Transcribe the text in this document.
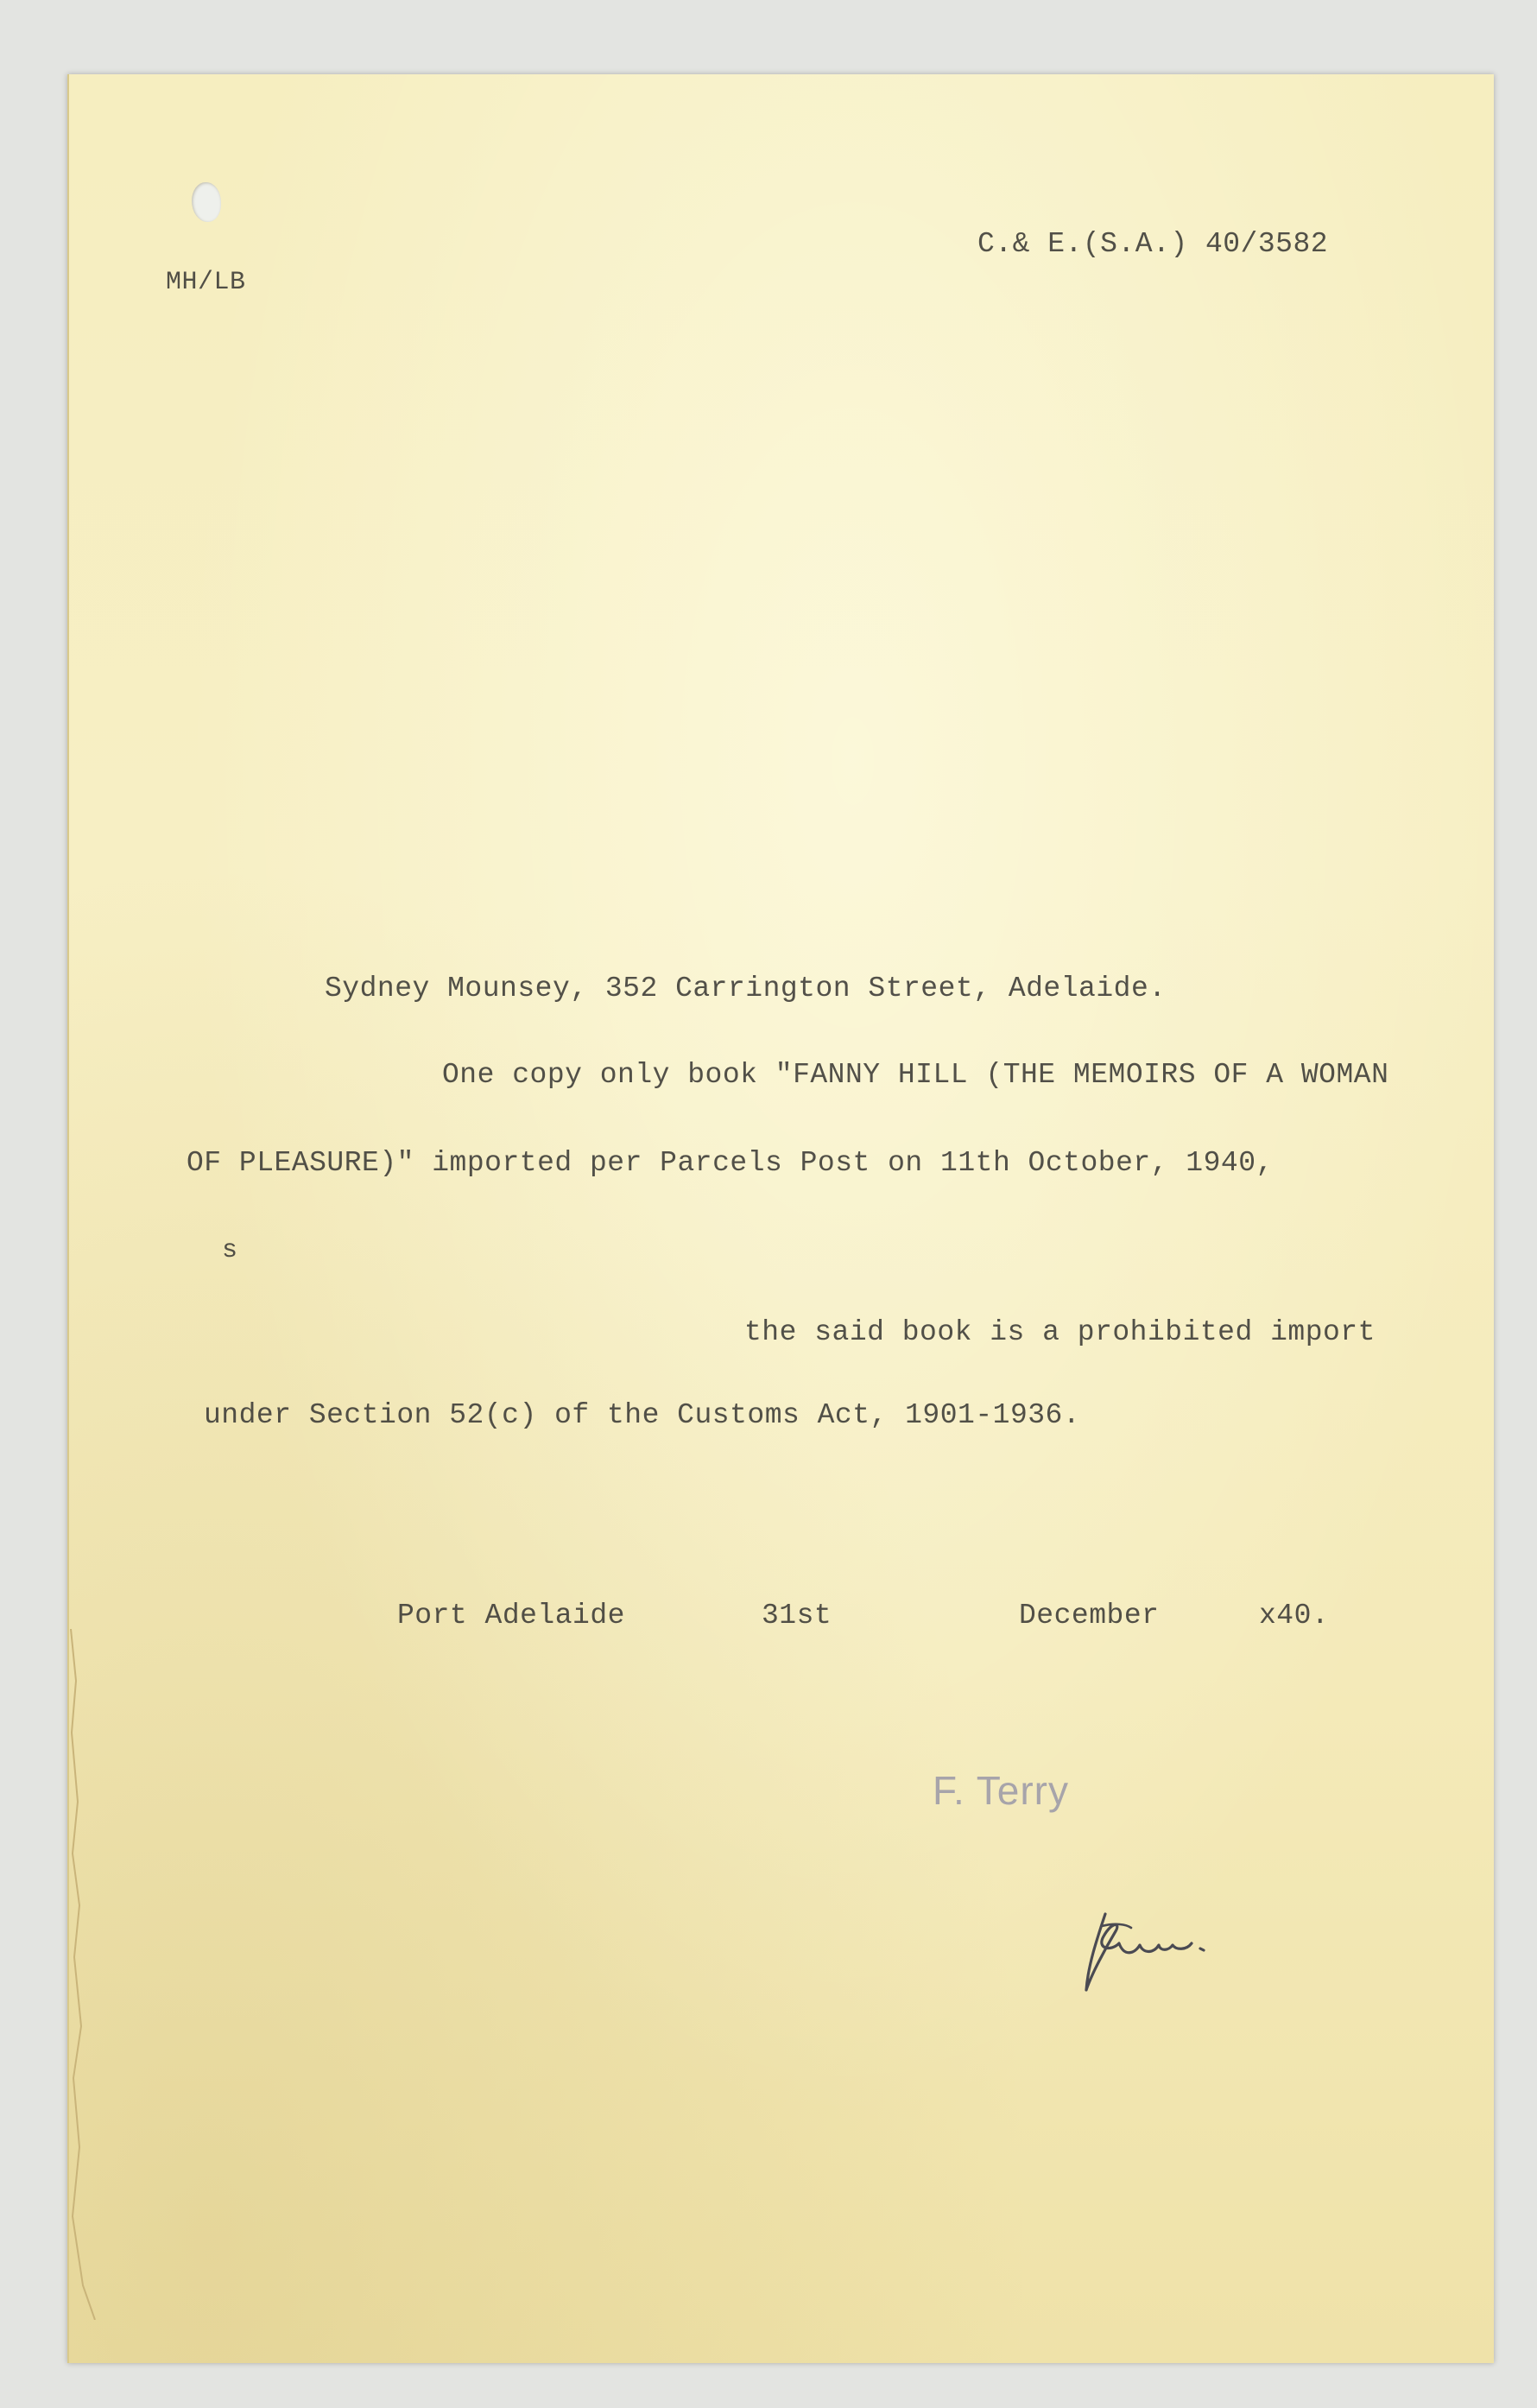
C.& E.(S.A.) 40/3582
MH/LB
Sydney Mounsey, 352 Carrington Street, Adelaide.
One copy only book "FANNY HILL (THE MEMOIRS OF A WOMAN
OF PLEASURE)" imported per Parcels Post on 11th October, 1940,
s
the said book is a prohibited import
under Section 52(c) of the Customs Act, 1901-1936.
Port Adelaide	31st	December	x40.
F. Terry
